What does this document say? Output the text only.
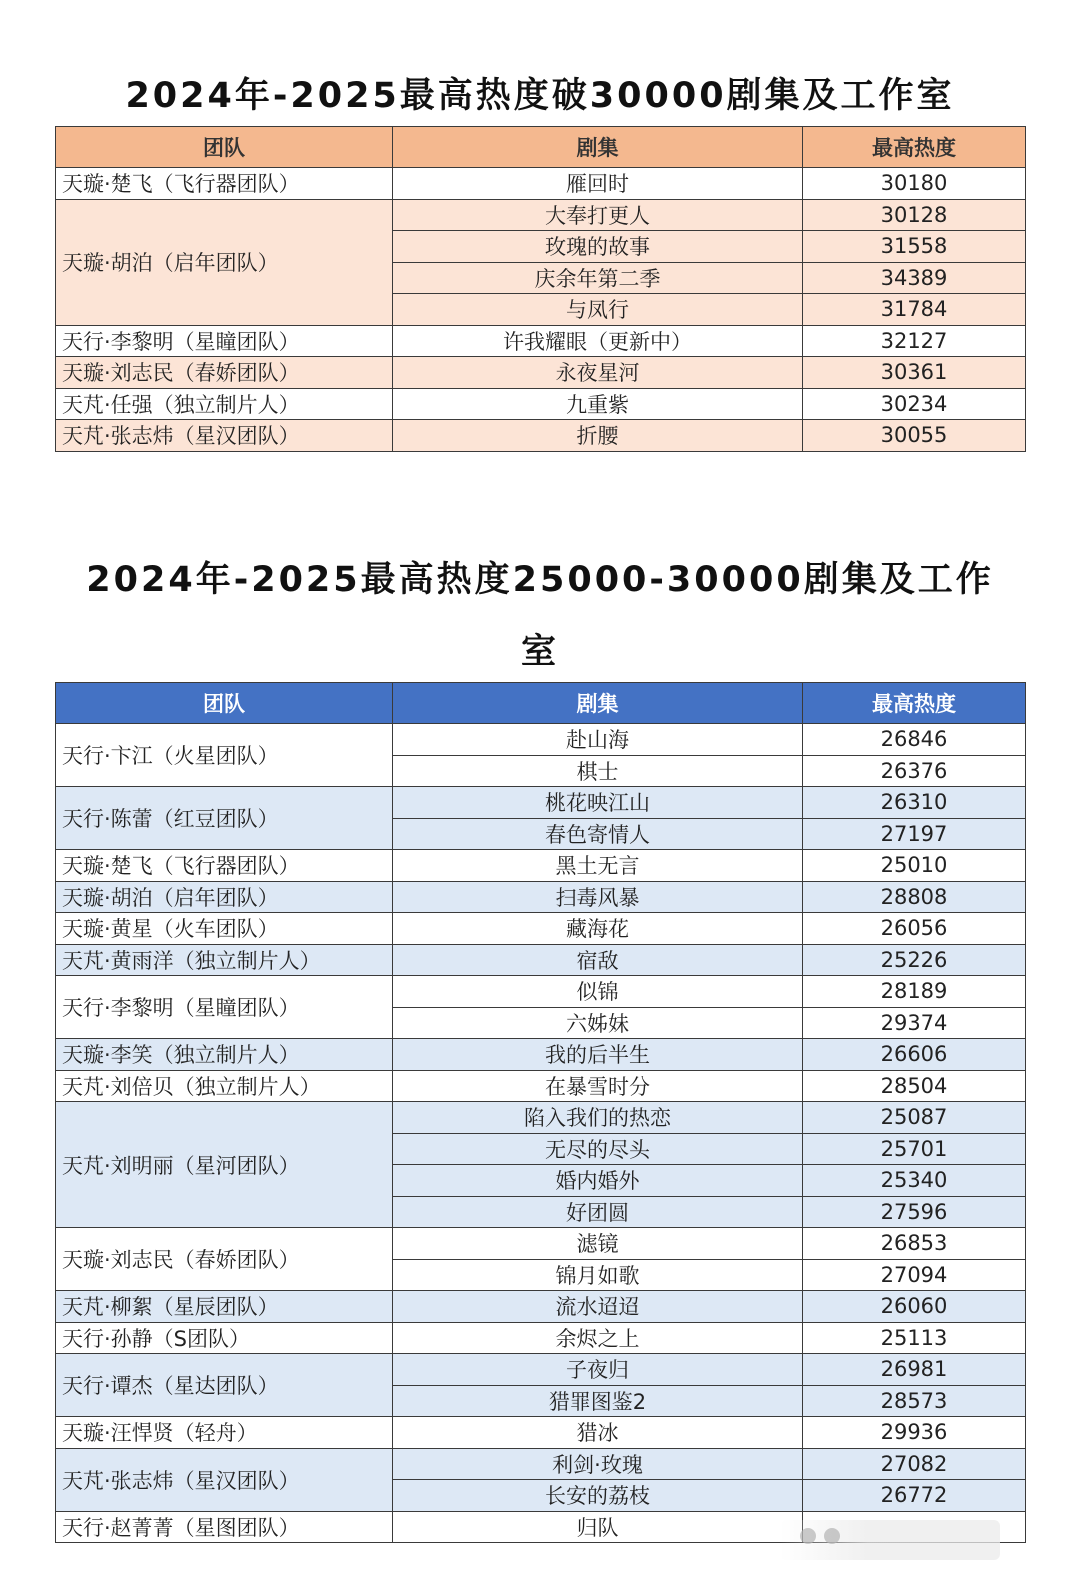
2024年-2025最高热度破30000剧集及工作室
团队	剧集	最高热度
天璇·楚飞（飞行器团队）	雁回时	30180
天璇·胡泊（启年团队）	大奉打更人	30128
	玫瑰的故事	31558
	庆余年第二季	34389
	与凤行	31784
天行·李黎明（星瞳团队）	许我耀眼（更新中）	32127
天璇·刘志民（春娇团队）	永夜星河	30361
天芃·任强（独立制片人）	九重紫	30234
天芃·张志炜（星汉团队）	折腰	30055
2024年-2025最高热度25000-30000剧集及工作
室
团队	剧集	最高热度
天行·卞江（火星团队）	赴山海	26846
	棋士	26376
天行·陈蕾（红豆团队）	桃花映江山	26310
	春色寄情人	27197
天璇·楚飞（飞行器团队）	黑土无言	25010
天璇·胡泊（启年团队）	扫毒风暴	28808
天璇·黄星（火车团队）	藏海花	26056
天芃·黄雨洋（独立制片人）	宿敌	25226
天行·李黎明（星瞳团队）	似锦	28189
	六姊妹	29374
天璇·李笑（独立制片人）	我的后半生	26606
天芃·刘倍贝（独立制片人）	在暴雪时分	28504
天芃·刘明丽（星河团队）	陷入我们的热恋	25087
	无尽的尽头	25701
	婚内婚外	25340
	好团圆	27596
天璇·刘志民（春娇团队）	滤镜	26853
	锦月如歌	27094
天芃·柳絮（星辰团队）	流水迢迢	26060
天行·孙静（S团队）	余烬之上	25113
天行·谭杰（星达团队）	子夜归	26981
	猎罪图鉴2	28573
天璇·汪悍贤（轻舟）	猎冰	29936
天芃·张志炜（星汉团队）	利剑·玫瑰	27082
	长安的荔枝	26772
天行·赵菁菁（星图团队）	归队	
